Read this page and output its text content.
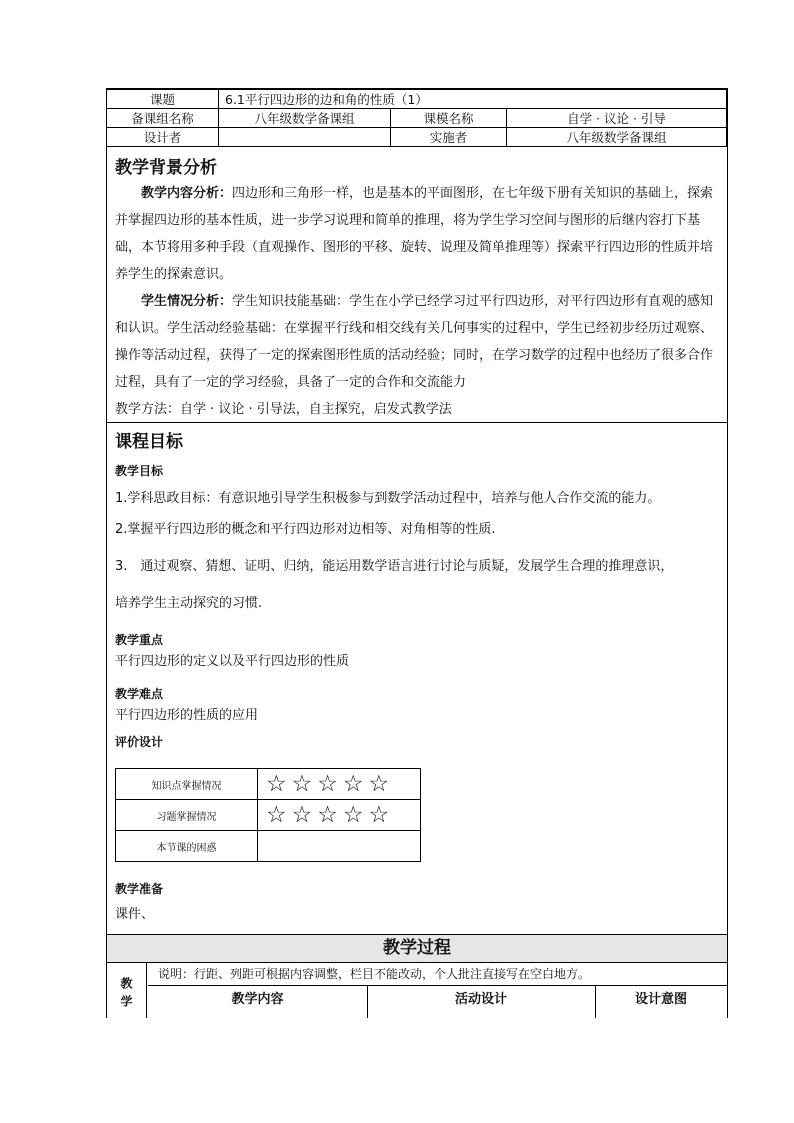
课题	6.1平行四边形的边和角的性质（1）		
备课组名称	八年级数学备课组	课模名称	自学 · 议论 · 引导
设计者		实施者	八年级数学备课组

教学背景分析

教学内容分析：四边形和三角形一样，也是基本的平面图形，在七年级下册有关知识的基础上，探索并掌握四边形的基本性质，进一步学习说理和简单的推理，将为学生学习空间与图形的后继内容打下基础，本节将用多种手段（直观操作、图形的平移、旋转、说理及简单推理等）探索平行四边形的性质并培养学生的探索意识。

学生情况分析：学生知识技能基础：学生在小学已经学习过平行四边形，对平行四边形有直观的感知和认识。学生活动经验基础：在掌握平行线和相交线有关几何事实的过程中，学生已经初步经历过观察、操作等活动过程，获得了一定的探索图形性质的活动经验；同时，在学习数学的过程中也经历了很多合作过程，具有了一定的学习经验，具备了一定的合作和交流能力

教学方法：自学 · 议论 · 引导法，自主探究，启发式教学法

课程目标

教学目标

1.学科思政目标：有意识地引导学生积极参与到数学活动过程中，培养与他人合作交流的能力。

2.掌握平行四边形的概念和平行四边形对边相等、对角相等的性质.

3.　通过观察、猜想、证明、归纳，能运用数学语言进行讨论与质疑，发展学生合理的推理意识，

培养学生主动探究的习惯.

教学重点

平行四边形的定义以及平行四边形的性质

教学难点

平行四边形的性质的应用

评价设计

知识点掌握情况	☆☆☆☆☆
习题掌握情况	☆☆☆☆☆
本节课的困惑	

教学准备

课件、

教学过程
教学
说明：行距、列距可根据内容调整，栏目不能改动，个人批注直接写在空白地方。
教学内容	活动设计	设计意图
